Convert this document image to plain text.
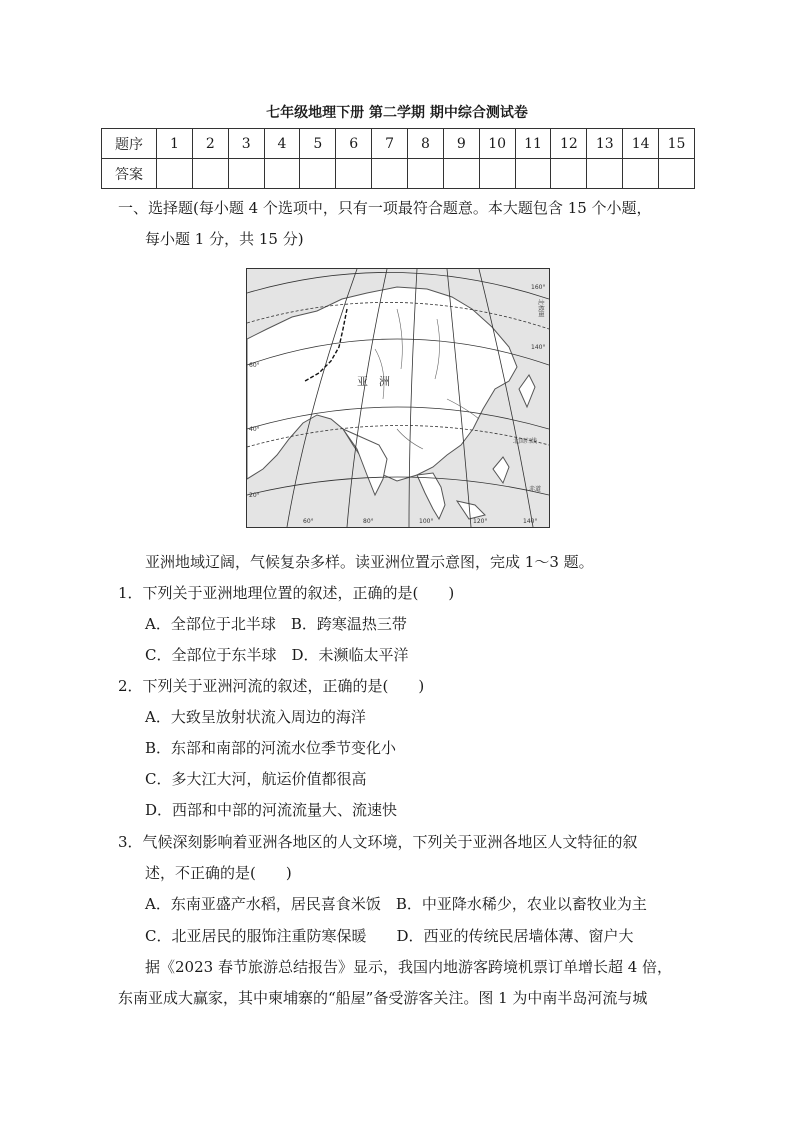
七年级地理下册 第二学期 期中综合测试卷
题序	1	2	3	4	5	6	7	8	9	10	11	12	13	14	15
答案															
一、选择题(每小题 4 个选项中，只有一项最符合题意。本大题包含 15 个小题，
每小题 1 分，共 15 分)
亚　洲
60°	80°	100°	120°	140°
20°
40°
60°
140°
160°
北回归线
赤道
北极圈
亚洲地域辽阔，气候复杂多样。读亚洲位置示意图，完成 1～3 题。
1．下列关于亚洲地理位置的叙述，正确的是(　　)
A．全部位于北半球　B．跨寒温热三带
C．全部位于东半球　D．未濒临太平洋
2．下列关于亚洲河流的叙述，正确的是(　　)
A．大致呈放射状流入周边的海洋
B．东部和南部的河流水位季节变化小
C．多大江大河，航运价值都很高
D．西部和中部的河流流量大、流速快
3．气候深刻影响着亚洲各地区的人文环境，下列关于亚洲各地区人文特征的叙
述，不正确的是(　　)
A．东南亚盛产水稻，居民喜食米饭　B．中亚降水稀少，农业以畜牧业为主
C．北亚居民的服饰注重防寒保暖　　D．西亚的传统民居墙体薄、窗户大
据《2023 春节旅游总结报告》显示，我国内地游客跨境机票订单增长超 4 倍，
东南亚成大赢家，其中柬埔寨的“船屋”备受游客关注。图 1 为中南半岛河流与城
